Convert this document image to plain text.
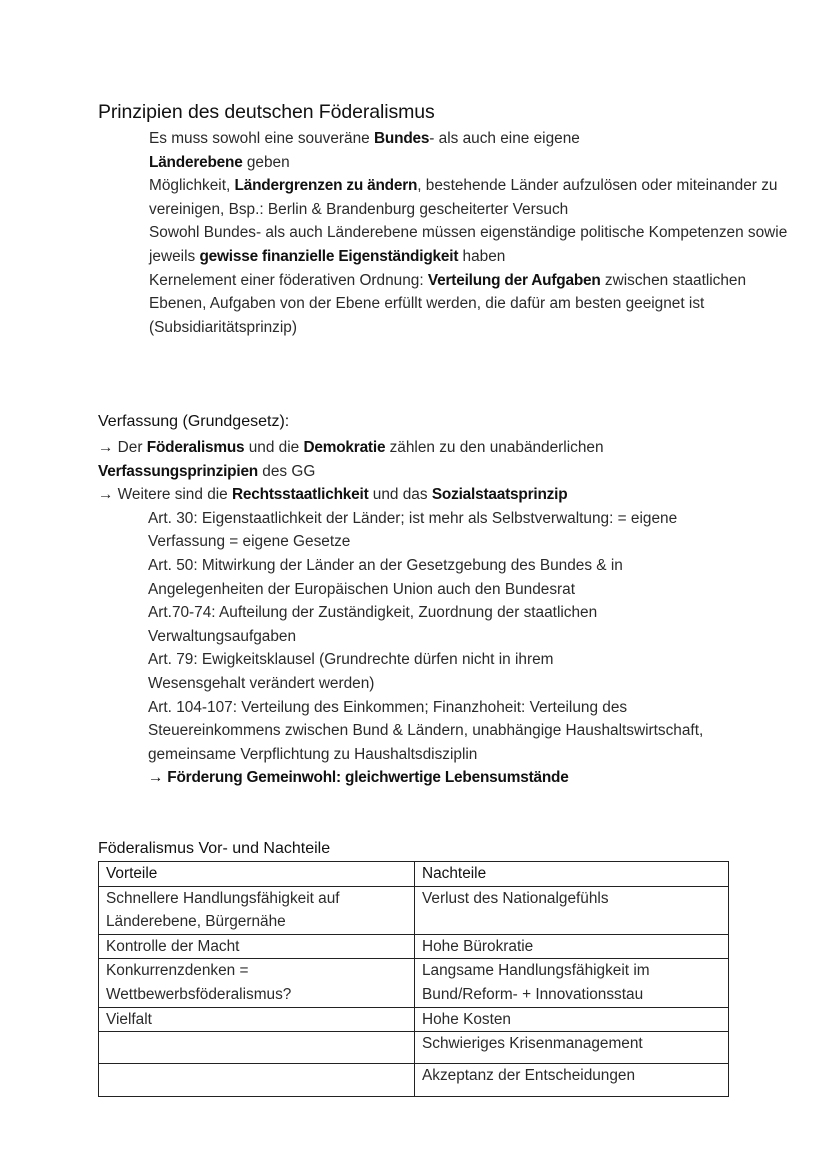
Prinzipien des deutschen Föderalismus

Es muss sowohl eine souveräne Bundes- als auch eine eigene
Länderebene geben

Möglichkeit, Ländergrenzen zu ändern, bestehende Länder aufzulösen oder miteinander zu vereinigen, Bsp.: Berlin & Brandenburg gescheiterter Versuch

Sowohl Bundes- als auch Länderebene müssen eigenständige politische Kompetenzen sowie jeweils gewisse finanzielle Eigenständigkeit haben

Kernelement einer föderativen Ordnung: Verteilung der Aufgaben zwischen staatlichen Ebenen, Aufgaben von der Ebene erfüllt werden, die dafür am besten geeignet ist (Subsidiaritätsprinzip)

Verfassung (Grundgesetz):

→ Der Föderalismus und die Demokratie zählen zu den unabänderlichen
Verfassungsprinzipien des GG

→ Weitere sind die Rechtsstaatlichkeit und das Sozialstaatsprinzip

Art. 30: Eigenstaatlichkeit der Länder; ist mehr als Selbstverwaltung: = eigene Verfassung = eigene Gesetze

Art. 50: Mitwirkung der Länder an der Gesetzgebung des Bundes & in Angelegenheiten der Europäischen Union auch den Bundesrat

Art.70-74: Aufteilung der Zuständigkeit, Zuordnung der staatlichen Verwaltungsaufgaben

Art. 79: Ewigkeitsklausel (Grundrechte dürfen nicht in ihrem Wesensgehalt verändert werden)

Art. 104-107: Verteilung des Einkommen; Finanzhoheit: Verteilung des Steuereinkommens zwischen Bund & Ländern, unabhängige Haushaltswirtschaft, gemeinsame Verpflichtung zu Haushaltsdisziplin

→ Förderung Gemeinwohl: gleichwertige Lebensumstände

Föderalismus Vor- und Nachteile
Vorteile	Nachteile
Schnellere Handlungsfähigkeit auf Länderebene, Bürgernähe	Verlust des Nationalgefühls
Kontrolle der Macht	Hohe Bürokratie
Konkurrenzdenken = Wettbewerbsföderalismus?	Langsame Handlungsfähigkeit im Bund/Reform- + Innovationsstau
Vielfalt	Hohe Kosten
	Schwieriges Krisenmanagement
	Akzeptanz der Entscheidungen
